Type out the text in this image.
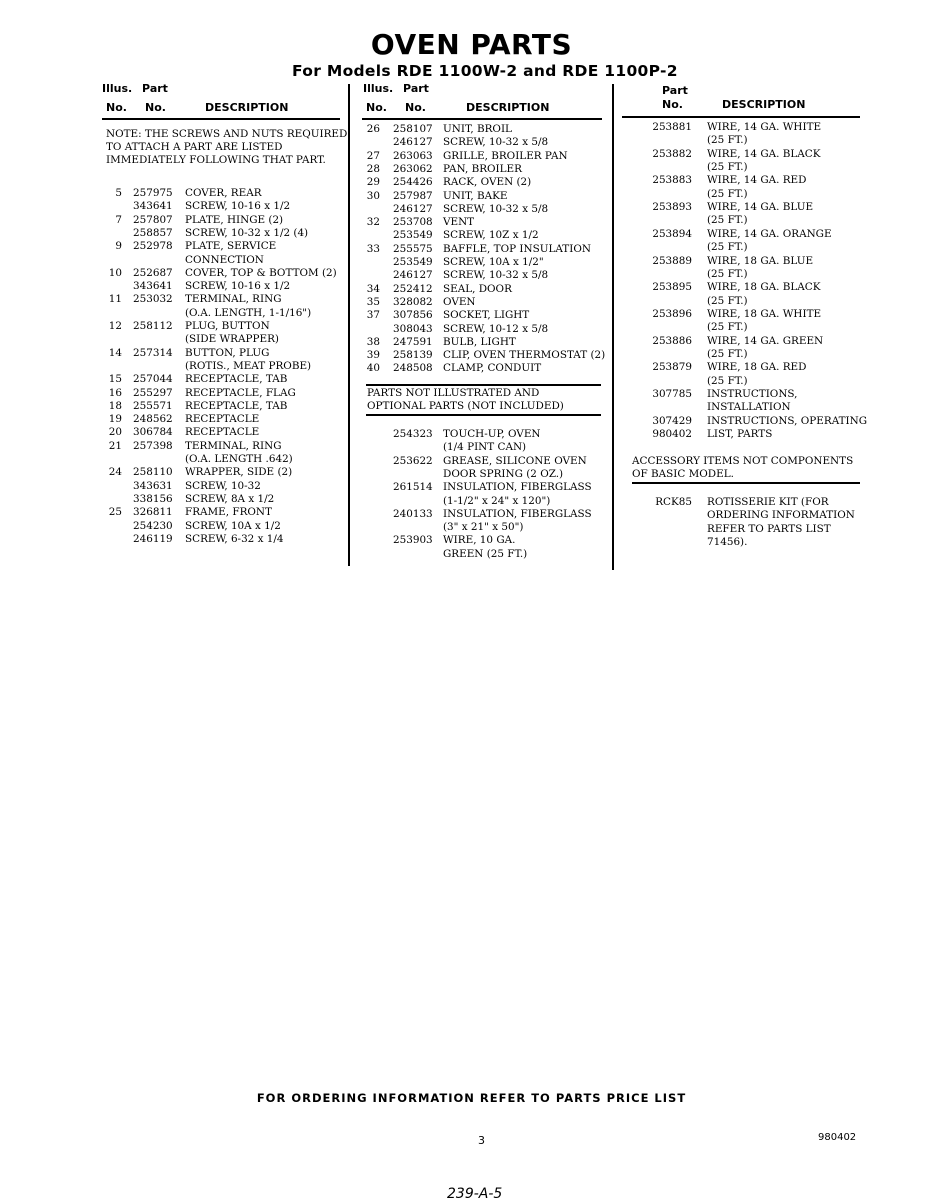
OVEN PARTS
For Models RDE 1100W-2 and RDE 1100P-2
Illus. Part
No. No.	DESCRIPTION
Illus. Part
No. No.	DESCRIPTION
Part
No.	DESCRIPTION
NOTE: THE SCREWS AND NUTS REQUIRED
TO ATTACH A PART ARE LISTED
IMMEDIATELY FOLLOWING THAT PART.
5 257975	COVER, REAR
343641	SCREW, 10-16 x 1/2
7 257807	PLATE, HINGE (2)
258857	SCREW, 10-32 x 1/2 (4)
9 252978	PLATE, SERVICE
CONNECTION
10 252687	COVER, TOP & BOTTOM (2)
343641	SCREW, 10-16 x 1/2
11 253032	TERMINAL, RING
(O.A. LENGTH, 1-1/16")
12 258112	PLUG, BUTTON
(SIDE WRAPPER)
14 257314	BUTTON, PLUG
(ROTIS., MEAT PROBE)
15 257044	RECEPTACLE, TAB
16 255297	RECEPTACLE, FLAG
18 255571	RECEPTACLE, TAB
19 248562	RECEPTACLE
20 306784	RECEPTACLE
21 257398	TERMINAL, RING
(O.A. LENGTH .642)
24 258110	WRAPPER, SIDE (2)
343631	SCREW, 10-32
338156	SCREW, 8A x 1/2
25 326811	FRAME, FRONT
254230	SCREW, 10A x 1/2
246119	SCREW, 6-32 x 1/4
26 258107 UNIT, BROIL
246127 SCREW, 10-32 x 5/8
27 263063 GRILLE, BROILER PAN
28 263062 PAN, BROILER
29 254426 RACK, OVEN (2)
30 257987 UNIT, BAKE
246127 SCREW, 10-32 x 5/8
32 253708 VENT
253549 SCREW, 10Z x 1/2
33 255575 BAFFLE, TOP INSULATION
253549 SCREW, 10A x 1/2"
246127 SCREW, 10-32 x 5/8
34 252412 SEAL, DOOR
35 328082 OVEN
37 307856 SOCKET, LIGHT
308043 SCREW, 10-12 x 5/8
38 247591 BULB, LIGHT
39 258139 CLIP, OVEN THERMOSTAT (2)
40 248508 CLAMP, CONDUIT
PARTS NOT ILLUSTRATED AND
OPTIONAL PARTS (NOT INCLUDED)
254323 TOUCH-UP, OVEN
(1/4 PINT CAN)
253622 GREASE, SILICONE OVEN
DOOR SPRING (2 OZ.)
261514 INSULATION, FIBERGLASS
(1-1/2" x 24" x 120")
240133 INSULATION, FIBERGLASS
(3" x 21" x 50")
253903 WIRE, 10 GA.
GREEN (25 FT.)
253881 WIRE, 14 GA. WHITE
(25 FT.)
253882 WIRE, 14 GA. BLACK
(25 FT.)
253883 WIRE, 14 GA. RED
(25 FT.)
253893 WIRE, 14 GA. BLUE
(25 FT.)
253894 WIRE, 14 GA. ORANGE
(25 FT.)
253889 WIRE, 18 GA. BLUE
(25 FT.)
253895 WIRE, 18 GA. BLACK
(25 FT.)
253896 WIRE, 18 GA. WHITE
(25 FT.)
253886 WIRE, 14 GA. GREEN
(25 FT.)
253879 WIRE, 18 GA. RED
(25 FT.)
307785 INSTRUCTIONS,
INSTALLATION
307429 INSTRUCTIONS, OPERATING
980402 LIST, PARTS
ACCESSORY ITEMS NOT COMPONENTS
OF BASIC MODEL.
RCK85 ROTISSERIE KIT (FOR
ORDERING INFORMATION
REFER TO PARTS LIST
71456).
FOR ORDERING INFORMATION REFER TO PARTS PRICE LIST
3	980402
239-A-5
